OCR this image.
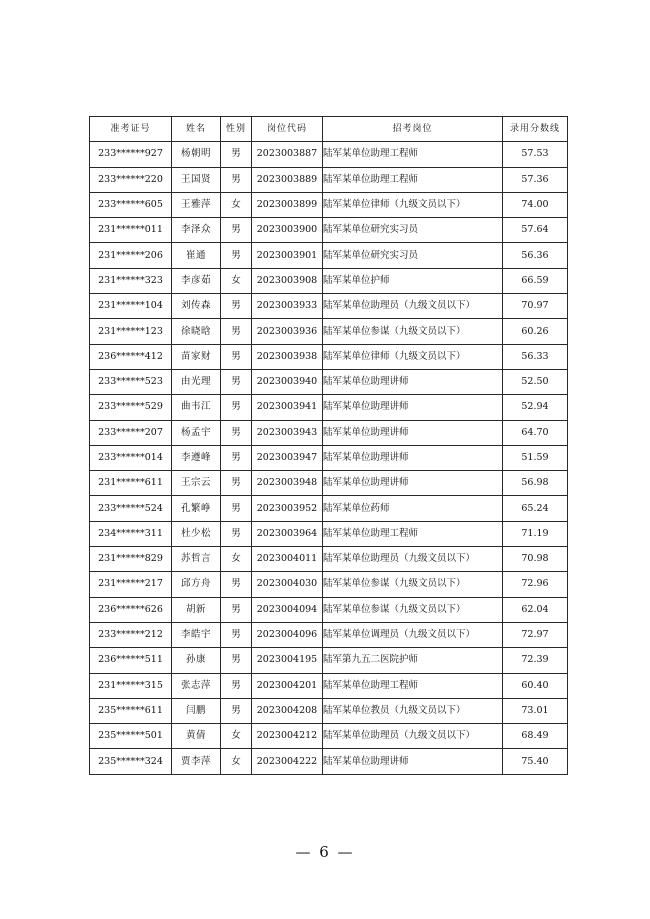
准考证号	姓名	性别	岗位代码	招考岗位	录用分数线
233******927	杨朝明	男	2023003887	陆军某单位助理工程师	57.53
233******220	王国贤	男	2023003889	陆军某单位助理工程师	57.36
233******605	王雅萍	女	2023003899	陆军某单位律师（九级文员以下）	74.00
231******011	李泽众	男	2023003900	陆军某单位研究实习员	57.64
231******206	崔通	男	2023003901	陆军某单位研究实习员	56.36
231******323	李彦茹	女	2023003908	陆军某单位护师	66.59
231******104	刘传森	男	2023003933	陆军某单位助理员（九级文员以下）	70.97
231******123	徐晓晗	男	2023003936	陆军某单位参谋（九级文员以下）	60.26
236******412	苗家财	男	2023003938	陆军某单位律师（九级文员以下）	56.33
233******523	由光理	男	2023003940	陆军某单位助理讲师	52.50
233******529	曲韦江	男	2023003941	陆军某单位助理讲师	52.94
233******207	杨孟宇	男	2023003943	陆军某单位助理讲师	64.70
233******014	李遵峰	男	2023003947	陆军某单位助理讲师	51.59
231******611	王宗云	男	2023003948	陆军某单位助理讲师	56.98
233******524	孔繁峥	男	2023003952	陆军某单位药师	65.24
234******311	杜少松	男	2023003964	陆军某单位助理工程师	71.19
231******829	苏哲言	女	2023004011	陆军某单位助理员（九级文员以下）	70.98
231******217	邱方舟	男	2023004030	陆军某单位参谋（九级文员以下）	72.96
236******626	胡新	男	2023004094	陆军某单位参谋（九级文员以下）	62.04
233******212	李皓宇	男	2023004096	陆军某单位调理员（九级文员以下）	72.97
236******511	孙康	男	2023004195	陆军第九五二医院护师	72.39
231******315	张志萍	男	2023004201	陆军某单位助理工程师	60.40
235******611	闫鹏	男	2023004208	陆军某单位教员（九级文员以下）	73.01
235******501	黄倩	女	2023004212	陆军某单位助理员（九级文员以下）	68.49
235******324	贾李萍	女	2023004222	陆军某单位助理讲师	75.40
— 6 —
